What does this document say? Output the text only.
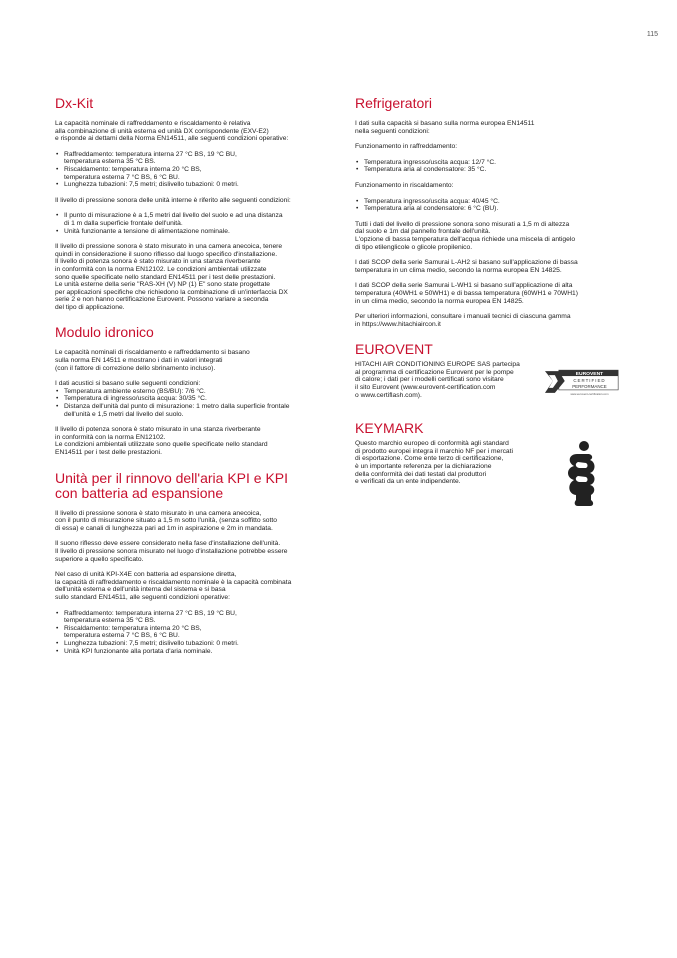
115
Dx-Kit

La capacità nominale di raffreddamento e riscaldamento è relativa
alla combinazione di unità esterna ed unità DX corrispondente (EXV-E2)
e risponde ai dettami della Norma EN14511, alle seguenti condizioni operative:

• Raffreddamento: temperatura interna 27 °C BS, 19 °C BU,
temperatura esterna 35 °C BS.
• Riscaldamento: temperatura interna 20 °C BS,
temperatura esterna 7 °C BS, 6 °C BU.
• Lunghezza tubazioni: 7,5 metri; dislivello tubazioni: 0 metri.

Il livello di pressione sonora delle unità interne è riferito alle seguenti condizioni:

• Il punto di misurazione è a 1,5 metri dal livello del suolo e ad una distanza
di 1 m dalla superficie frontale dell'unità.
• Unità funzionante a tensione di alimentazione nominale.

Il livello di pressione sonora è stato misurato in una camera anecoica, tenere
quindi in considerazione il suono riflesso dal luogo specifico d'installazione.
Il livello di potenza sonora è stato misurato in una stanza riverberante
in conformità con la norma EN12102. Le condizioni ambientali utilizzate
sono quelle specificate nello standard EN14511 per i test delle prestazioni.
Le unità esterne della serie "RAS-XH (V) NP (1) E" sono state progettate
per applicazioni specifiche che richiedono la combinazione di un'interfaccia DX
serie 2 e non hanno certificazione Eurovent. Possono variare a seconda
del tipo di applicazione.

Modulo idronico

Le capacità nominali di riscaldamento e raffreddamento si basano
sulla norma EN 14511 e mostrano i dati in valori integrati
(con il fattore di correzione dello sbrinamento incluso).

I dati acustici si basano sulle seguenti condizioni:

• Temperatura ambiente esterno (BS/BU): 7/6 °C.
• Temperatura di ingresso/uscita acqua: 30/35 °C.
• Distanza dell'unità dal punto di misurazione: 1 metro dalla superficie frontale
dell'unità e 1,5 metri dal livello del suolo.

Il livello di potenza sonora è stato misurato in una stanza riverberante
in conformità con la norma EN12102.
Le condizioni ambientali utilizzate sono quelle specificate nello standard
EN14511 per i test delle prestazioni.

Unità per il rinnovo dell'aria KPI e KPI
con batteria ad espansione

Il livello di pressione sonora è stato misurato in una camera anecoica,
con il punto di misurazione situato a 1,5 m sotto l'unità, (senza soffitto sotto
di essa) e canali di lunghezza pari ad 1m in aspirazione e 2m in mandata.

Il suono riflesso deve essere considerato nella fase d'installazione dell'unità.
Il livello di pressione sonora misurato nel luogo d'installazione potrebbe essere
superiore a quello specificato.

Nel caso di unità KPI-X4E con batteria ad espansione diretta,
la capacità di raffreddamento e riscaldamento nominale è la capacità combinata
dell'unità esterna e dell'unità interna del sistema e si basa
sullo standard EN14511, alle seguenti condizioni operative:

• Raffreddamento: temperatura interna 27 °C BS, 19 °C BU,
temperatura esterna 35 °C BS.
• Riscaldamento: temperatura interna 20 °C BS,
temperatura esterna 7 °C BS, 6 °C BU.
• Lunghezza tubazioni: 7,5 metri; dislivello tubazioni: 0 metri.
• Unità KPI funzionante alla portata d'aria nominale.
Refrigeratori

I dati sulla capacità si basano sulla norma europea EN14511
nella seguenti condizioni:

Funzionamento in raffreddamento:

• Temperatura ingresso/uscita acqua: 12/7 °C.
• Temperatura aria al condensatore: 35 °C.

Funzionamento in riscaldamento:

• Temperatura ingresso/uscita acqua: 40/45 °C.
• Temperatura aria al condensatore: 6 °C (BU).

Tutti i dati del livello di pressione sonora sono misurati a 1,5 m di altezza
dal suolo e 1m dal pannello frontale dell'unità.
L'opzione di bassa temperatura dell'acqua richiede una miscela di antigelo
di tipo etilenglicole o glicole propilenico.

I dati SCOP della serie Samurai L-AH2 si basano sull'applicazione di bassa
temperatura in un clima medio, secondo la norma europea EN 14825.

I dati SCOP della serie Samurai L-WH1 si basano sull'applicazione di alta
temperatura (40WH1 e 50WH1) e di bassa temperatura (60WH1 e 70WH1)
in un clima medio, secondo la norma europea EN 14825.

Per ulteriori informazioni, consultare i manuali tecnici di ciascuna gamma
in https://www.hitachiaircon.it

EUROVENT

HITACHI AIR CONDITIONING EUROPE SAS partecipa
al programma di certificazione Eurovent per le pompe
di calore; i dati per i modelli certificati sono visitare
il sito Eurovent (www.eurovent-certification.com
o www.certiflash.com).

EUROVENT
CERTIFIED
PERFORMANCE
www.eurovent-certification.com
KEYMARK

Questo marchio europeo di conformità agli standard
di prodotto europei integra il marchio NF per i mercati
di esportazione. Come ente terzo di certificazione,
è un importante referenza per la dichiarazione
della conformità dei dati testati dal produttori
e verificati da un ente indipendente.
